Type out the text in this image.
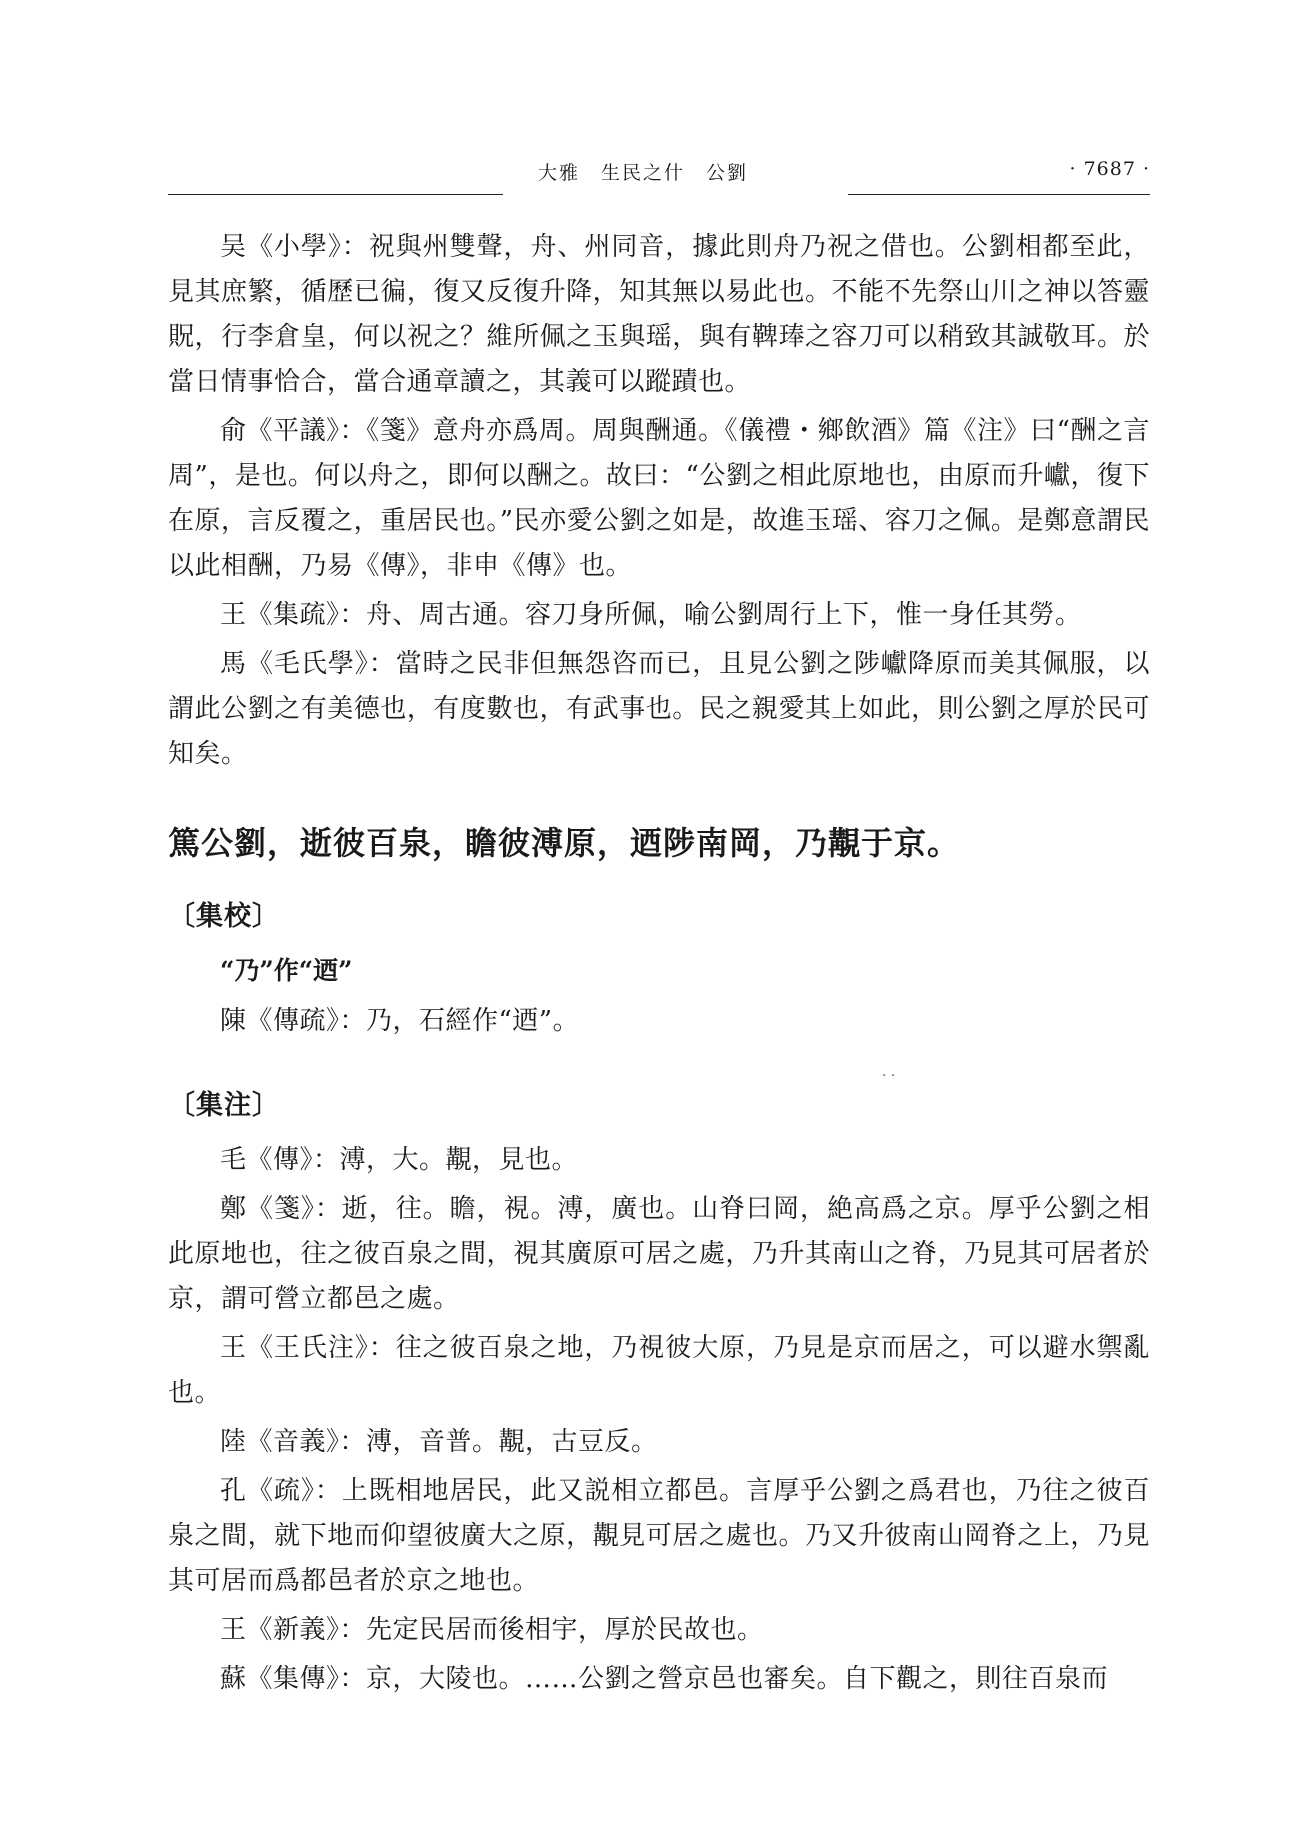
大雅　生民之什　公劉	· 7687 ·

吴《小學》：祝與州雙聲，舟、州同音，據此則舟乃祝之借也。公劉相都至此，見其庶繁，循歷已徧，復又反復升降，知其無以易此也。不能不先祭山川之神以答靈貺，行李倉皇，何以祝之？維所佩之玉與瑶，與有鞞琫之容刀可以稍致其誠敬耳。於當日情事恰合，當合通章讀之，其義可以蹤蹟也。

俞《平議》：《箋》意舟亦爲周。周與酬通。《儀禮・鄉飲酒》篇《注》曰“酬之言周”，是也。何以舟之，即何以酬之。故曰：“公劉之相此原地也，由原而升巘，復下在原，言反覆之，重居民也。”民亦愛公劉之如是，故進玉瑶、容刀之佩。是鄭意謂民以此相酬，乃易《傳》，非申《傳》也。

王《集疏》：舟、周古通。容刀身所佩，喻公劉周行上下，惟一身任其勞。

馬《毛氏學》：當時之民非但無怨咨而已，且見公劉之陟巘降原而美其佩服，以謂此公劉之有美德也，有度數也，有武事也。民之親愛其上如此，則公劉之厚於民可知矣。

篤公劉，逝彼百泉，瞻彼溥原，迺陟南岡，乃覯于京。
〔集校〕

“乃”作“迺”

陳《傳疏》：乃，石經作“迺”。

〔集注〕

毛《傳》：溥，大。覯，見也。

鄭《箋》：逝，往。瞻，視。溥，廣也。山脊曰岡，絶高爲之京。厚乎公劉之相此原地也，往之彼百泉之間，視其廣原可居之處，乃升其南山之脊，乃見其可居者於京，謂可營立都邑之處。

王《王氏注》：往之彼百泉之地，乃視彼大原，乃見是京而居之，可以避水禦亂也。

陸《音義》：溥，音普。覯，古豆反。

孔《疏》：上既相地居民，此又説相立都邑。言厚乎公劉之爲君也，乃往之彼百泉之間，就下地而仰望彼廣大之原，覯見可居之處也。乃又升彼南山岡脊之上，乃見其可居而爲都邑者於京之地也。

王《新義》：先定民居而後相宇，厚於民故也。

蘇《集傳》：京，大陵也。……公劉之營京邑也審矣。自下觀之，則往百泉而

· ·
